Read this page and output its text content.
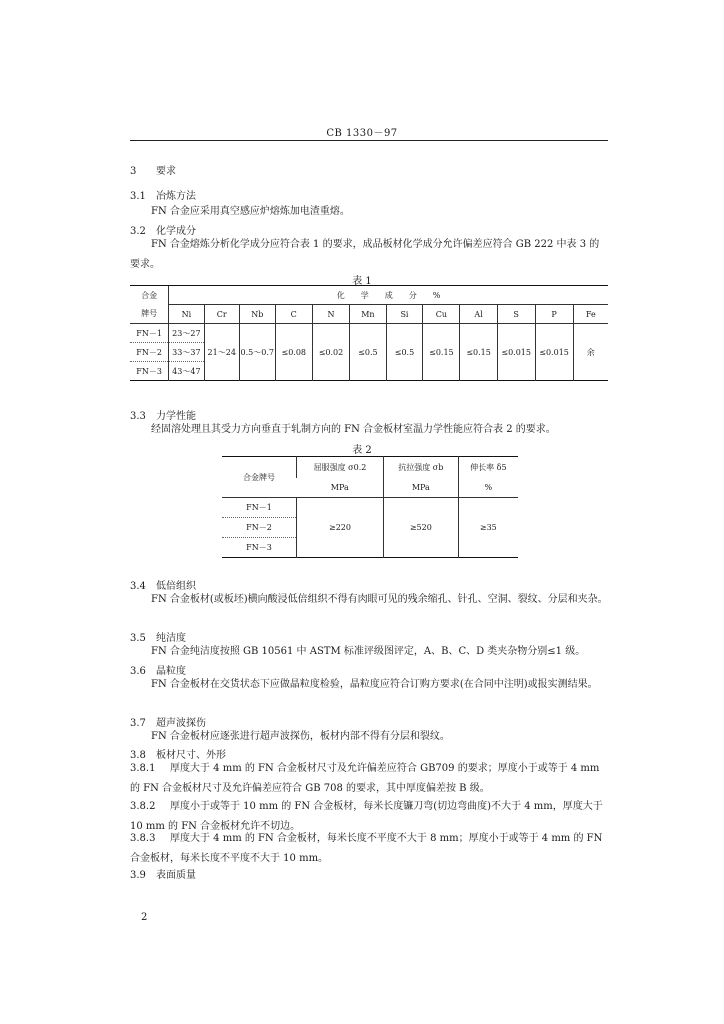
CB 1330－97
3 要求
3.1 冶炼方法
FN 合金应采用真空感应炉熔炼加电渣重熔。
3.2 化学成分
FN 合金熔炼分析化学成分应符合表 1 的要求，成品板材化学成分允许偏差应符合 GB 222 中表 3 的要求。
表 1
合金	化　　学　　成　　分　　%											
牌号	Ni	Cr	Nb	C	N	Mn	Si	Cu	Al	S	P	Fe
FN－1	23～27	21～24	0.5～0.7	≤0.08	≤0.02	≤0.5	≤0.5	≤0.15	≤0.15	≤0.015	≤0.015	余
FN－2	33～37											
FN－3	43～47											
3.3 力学性能
经固溶处理且其受力方向垂直于轧制方向的 FN 合金板材室温力学性能应符合表 2 的要求。
表 2
合金牌号	屈服强度 σ0.2	抗拉强度 σb	伸长率 δ5
	MPa	MPa	%
FN－1	≥220	≥520	≥35
FN－2			
FN－3			
3.4 低倍组织
FN 合金板材(或板坯)横向酸浸低倍组织不得有肉眼可见的残余缩孔、针孔、空洞、裂纹、分层和夹杂。
3.5 纯洁度
FN 合金纯洁度按照 GB 10561 中 ASTM 标准评级图评定，A、B、C、D 类夹杂物分别≤1 级。
3.6 晶粒度
FN 合金板材在交货状态下应做晶粒度检验，晶粒度应符合订购方要求(在合同中注明)或报实测结果。
3.7 超声波探伤
FN 合金板材应逐张进行超声波探伤，板材内部不得有分层和裂纹。
3.8 板材尺寸、外形
3.8.1 厚度大于 4 mm 的 FN 合金板材尺寸及允许偏差应符合 GB709 的要求；厚度小于或等于 4 mm 的 FN 合金板材尺寸及允许偏差应符合 GB 708 的要求，其中厚度偏差按 B 级。
3.8.2 厚度小于或等于 10 mm 的 FN 合金板材，每米长度镰刀弯(切边弯曲度)不大于 4 mm，厚度大于 10 mm 的 FN 合金板材允许不切边。
3.8.3 厚度大于 4 mm 的 FN 合金板材，每米长度不平度不大于 8 mm；厚度小于或等于 4 mm 的 FN 合金板材，每米长度不平度不大于 10 mm。
3.9 表面质量
2
